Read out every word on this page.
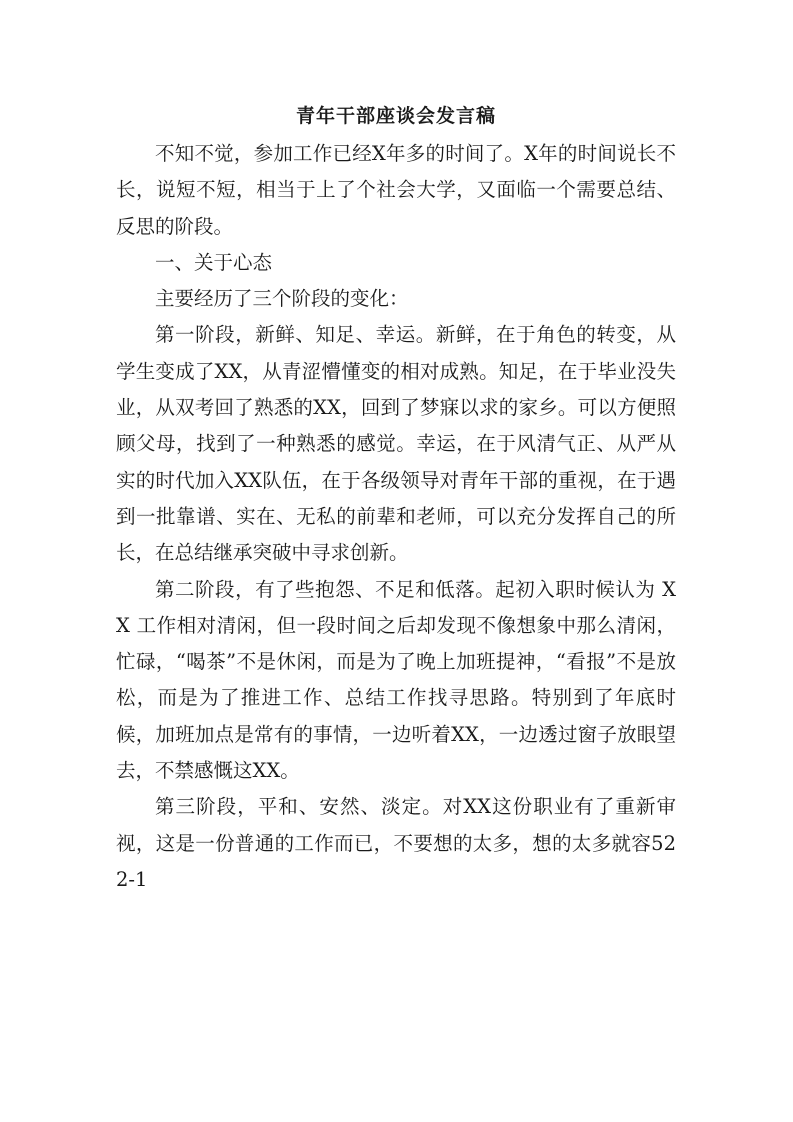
青年干部座谈会发言稿

不知不觉，参加工作已经X年多的时间了。X年的时间说长不长，说短不短，相当于上了个社会大学，又面临一个需要总结、反思的阶段。

一、关于心态

主要经历了三个阶段的变化：

第一阶段，新鲜、知足、幸运。新鲜，在于角色的转变，从学生变成了XX，从青涩懵懂变的相对成熟。知足，在于毕业没失业，从双考回了熟悉的XX，回到了梦寐以求的家乡。可以方便照顾父母，找到了一种熟悉的感觉。幸运，在于风清气正、从严从实的时代加入XX队伍，在于各级领导对青年干部的重视，在于遇到一批靠谱、实在、无私的前辈和老师，可以充分发挥自己的所长，在总结继承突破中寻求创新。

第二阶段，有了些抱怨、不足和低落。起初入职时候认为 XX 工作相对清闲，但一段时间之后却发现不像想象中那么清闲，忙碌，“喝茶”不是休闲，而是为了晚上加班提神，“看报”不是放松，而是为了推进工作、总结工作找寻思路。特别到了年底时候，加班加点是常有的事情，一边听着XX，一边透过窗子放眼望去，不禁感慨这XX。

第三阶段，平和、安然、淡定。对XX这份职业有了重新审视，这是一份普通的工作而已，不要想的太多，想的太多就容522-1
